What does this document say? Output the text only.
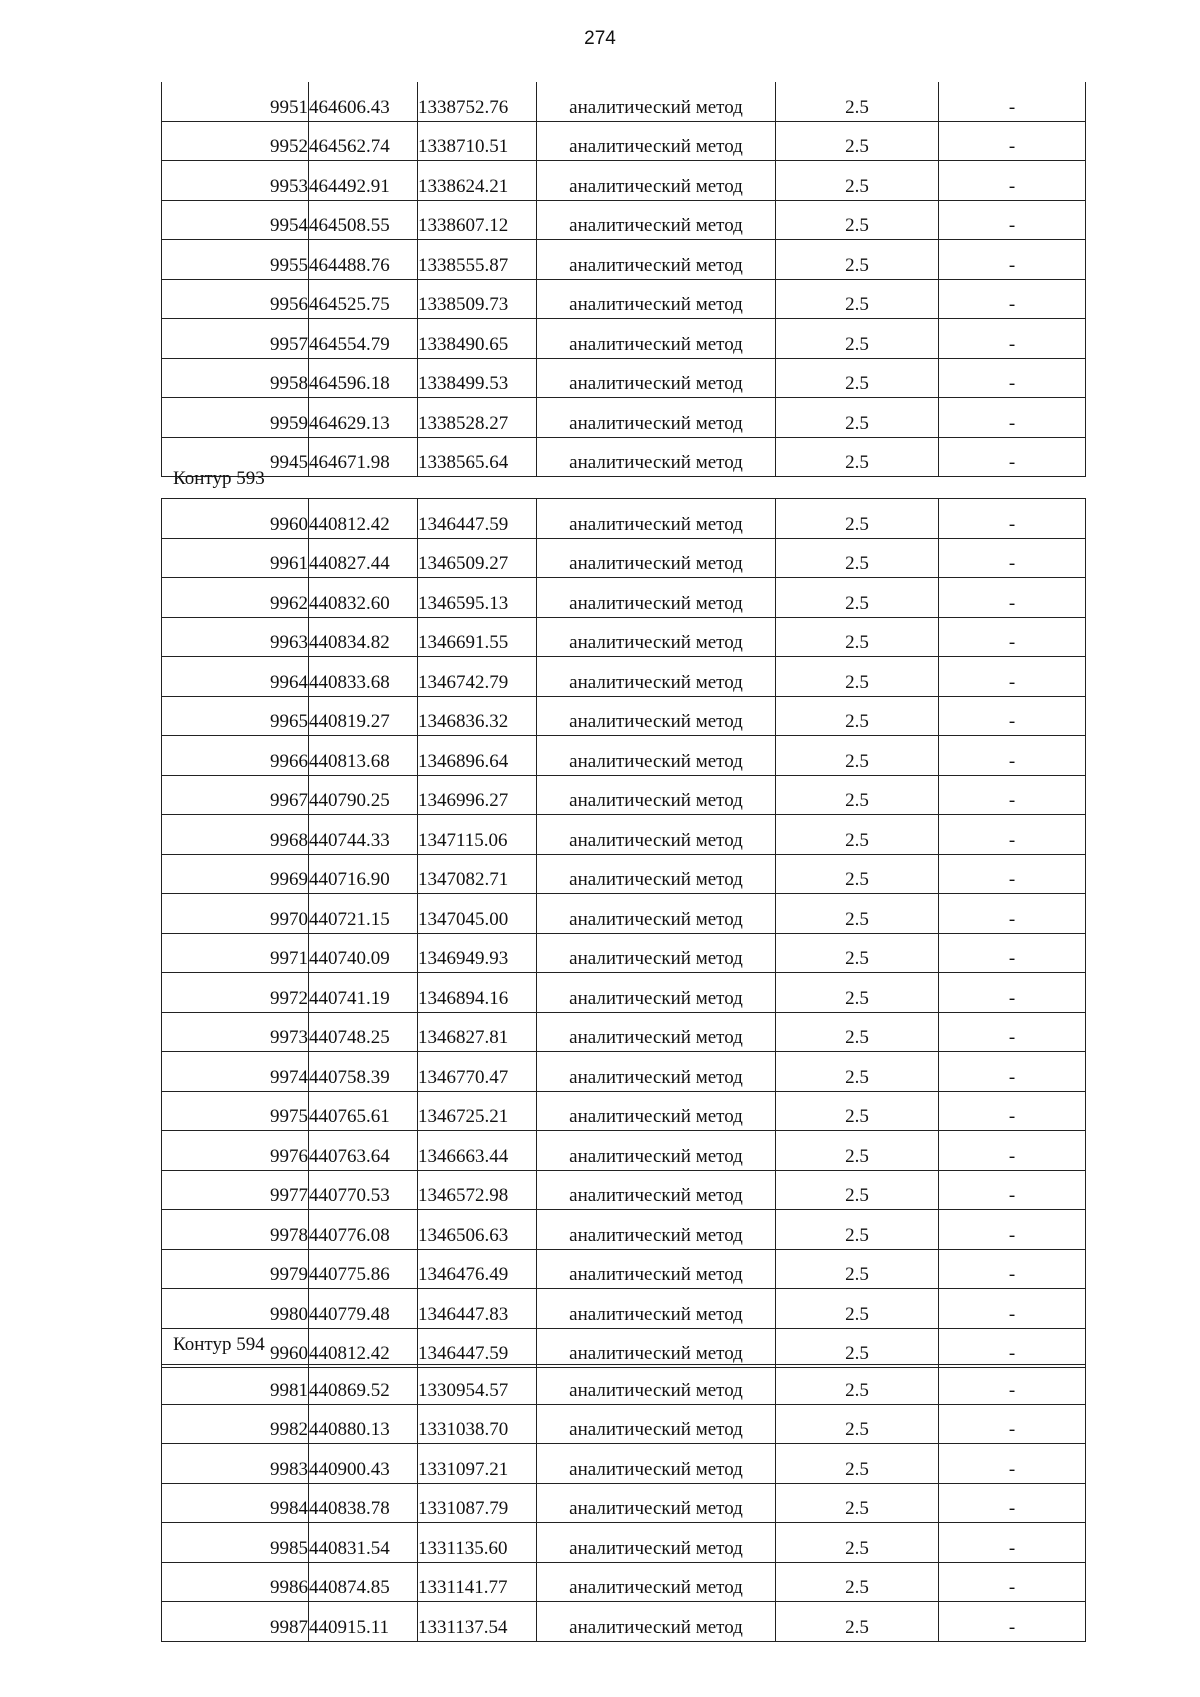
274
9951	464606.43	1338752.76	аналитический метод	2.5	-
9952	464562.74	1338710.51	аналитический метод	2.5	-
9953	464492.91	1338624.21	аналитический метод	2.5	-
9954	464508.55	1338607.12	аналитический метод	2.5	-
9955	464488.76	1338555.87	аналитический метод	2.5	-
9956	464525.75	1338509.73	аналитический метод	2.5	-
9957	464554.79	1338490.65	аналитический метод	2.5	-
9958	464596.18	1338499.53	аналитический метод	2.5	-
9959	464629.13	1338528.27	аналитический метод	2.5	-
9945	464671.98	1338565.64	аналитический метод	2.5	-
Контур 593
9960	440812.42	1346447.59	аналитический метод	2.5	-
9961	440827.44	1346509.27	аналитический метод	2.5	-
9962	440832.60	1346595.13	аналитический метод	2.5	-
9963	440834.82	1346691.55	аналитический метод	2.5	-
9964	440833.68	1346742.79	аналитический метод	2.5	-
9965	440819.27	1346836.32	аналитический метод	2.5	-
9966	440813.68	1346896.64	аналитический метод	2.5	-
9967	440790.25	1346996.27	аналитический метод	2.5	-
9968	440744.33	1347115.06	аналитический метод	2.5	-
9969	440716.90	1347082.71	аналитический метод	2.5	-
9970	440721.15	1347045.00	аналитический метод	2.5	-
9971	440740.09	1346949.93	аналитический метод	2.5	-
9972	440741.19	1346894.16	аналитический метод	2.5	-
9973	440748.25	1346827.81	аналитический метод	2.5	-
9974	440758.39	1346770.47	аналитический метод	2.5	-
9975	440765.61	1346725.21	аналитический метод	2.5	-
9976	440763.64	1346663.44	аналитический метод	2.5	-
9977	440770.53	1346572.98	аналитический метод	2.5	-
9978	440776.08	1346506.63	аналитический метод	2.5	-
9979	440775.86	1346476.49	аналитический метод	2.5	-
9980	440779.48	1346447.83	аналитический метод	2.5	-
9960	440812.42	1346447.59	аналитический метод	2.5	-
Контур 594
9981	440869.52	1330954.57	аналитический метод	2.5	-
9982	440880.13	1331038.70	аналитический метод	2.5	-
9983	440900.43	1331097.21	аналитический метод	2.5	-
9984	440838.78	1331087.79	аналитический метод	2.5	-
9985	440831.54	1331135.60	аналитический метод	2.5	-
9986	440874.85	1331141.77	аналитический метод	2.5	-
9987	440915.11	1331137.54	аналитический метод	2.5	-
